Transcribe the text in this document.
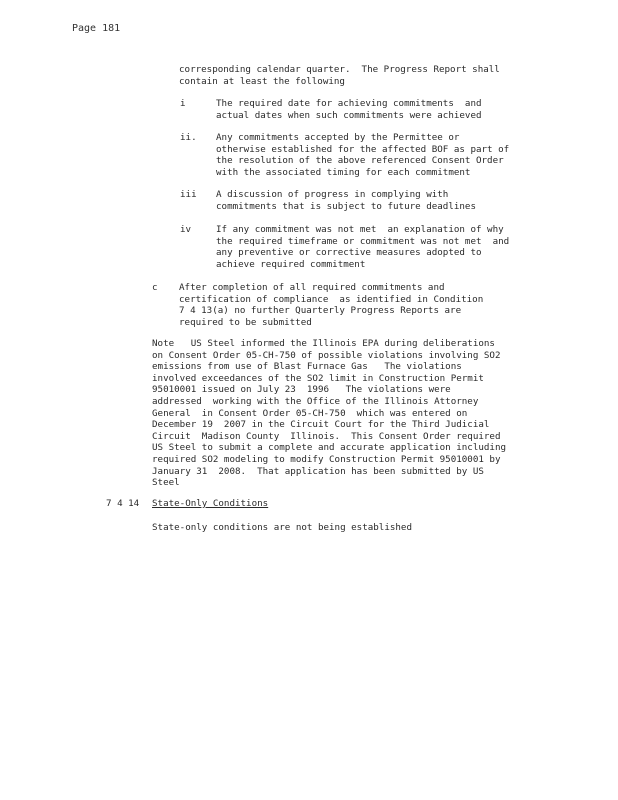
Page 181
corresponding calendar quarter.  The Progress Report shall
contain at least the following
i	The required date for achieving commitments  and
actual dates when such commitments were achieved
ii. Any commitments accepted by the Permittee or
otherwise established for the affected BOF as part of
the resolution of the above referenced Consent Order
with the associated timing for each commitment
iii A discussion of progress in complying with
commitments that is subject to future deadlines
iv	If any commitment was not met  an explanation of why
the required timeframe or commitment was not met  and
any preventive or corrective measures adopted to
achieve required commitment
c After completion of all required commitments and
certification of compliance  as identified in Condition
7 4 13(a) no further Quarterly Progress Reports are
required to be submitted
Note   US Steel informed the Illinois EPA during deliberations
on Consent Order 05-CH-750 of possible violations involving SO2
emissions from use of Blast Furnace Gas   The violations
involved exceedances of the SO2 limit in Construction Permit
95010001 issued on July 23  1996   The violations were
addressed  working with the Office of the Illinois Attorney
General  in Consent Order 05-CH-750  which was entered on
December 19  2007 in the Circuit Court for the Third Judicial
Circuit  Madison County  Illinois.  This Consent Order required
US Steel to submit a complete and accurate application including
required SO2 modeling to modify Construction Permit 95010001 by
January 31  2008.  That application has been submitted by US
Steel
7 4 14 State-Only Conditions
State-only conditions are not being established
